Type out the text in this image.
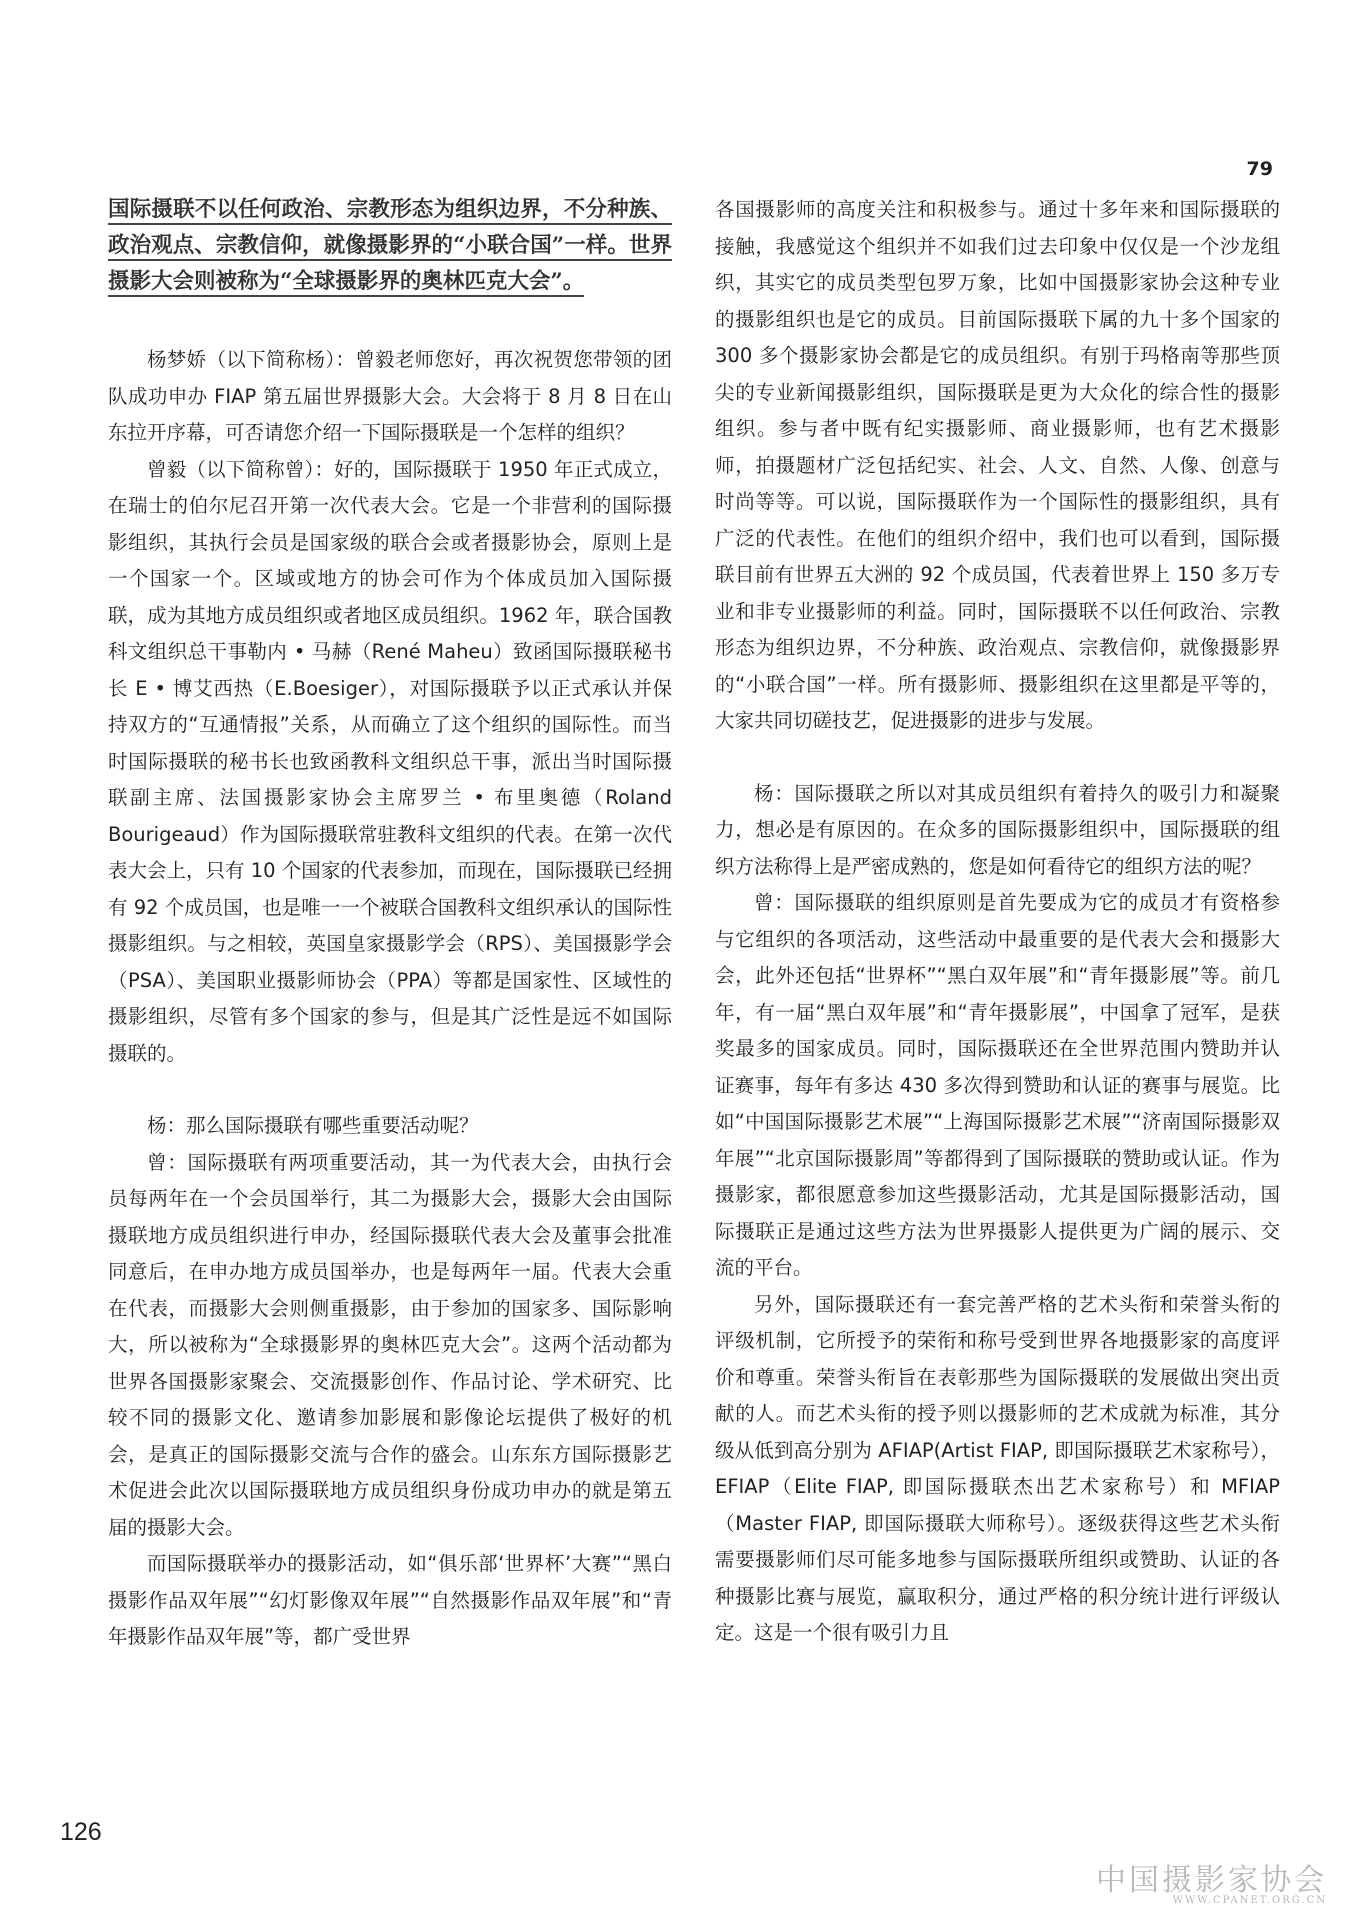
79

国际摄联不以任何政治、宗教形态为组织边界，不分种族、政治观点、宗教信仰，就像摄影界的“小联合国”一样。世界摄影大会则被称为“全球摄影界的奥林匹克大会”。

杨梦娇（以下简称杨）：曾毅老师您好，再次祝贺您带领的团队成功申办 FIAP 第五届世界摄影大会。大会将于 8 月 8 日在山东拉开序幕，可否请您介绍一下国际摄联是一个怎样的组织？

曾毅（以下简称曾）：好的，国际摄联于 1950 年正式成立，在瑞士的伯尔尼召开第一次代表大会。它是一个非营利的国际摄影组织，其执行会员是国家级的联合会或者摄影协会，原则上是一个国家一个。区域或地方的协会可作为个体成员加入国际摄联，成为其地方成员组织或者地区成员组织。1962 年，联合国教科文组织总干事勒内 • 马赫（René Maheu）致函国际摄联秘书长 E • 博艾西热（E.Boesiger），对国际摄联予以正式承认并保持双方的“互通情报”关系，从而确立了这个组织的国际性。而当时国际摄联的秘书长也致函教科文组织总干事，派出当时国际摄联副主席、法国摄影家协会主席罗兰 • 布里奥德（Roland Bourigeaud）作为国际摄联常驻教科文组织的代表。在第一次代表大会上，只有 10 个国家的代表参加，而现在，国际摄联已经拥有 92 个成员国，也是唯一一个被联合国教科文组织承认的国际性摄影组织。与之相较，英国皇家摄影学会（RPS）、美国摄影学会（PSA）、美国职业摄影师协会（PPA）等都是国家性、区域性的摄影组织，尽管有多个国家的参与，但是其广泛性是远不如国际摄联的。

杨：那么国际摄联有哪些重要活动呢？

曾：国际摄联有两项重要活动，其一为代表大会，由执行会员每两年在一个会员国举行，其二为摄影大会，摄影大会由国际摄联地方成员组织进行申办，经国际摄联代表大会及董事会批准同意后，在申办地方成员国举办，也是每两年一届。代表大会重在代表，而摄影大会则侧重摄影，由于参加的国家多、国际影响大，所以被称为“全球摄影界的奥林匹克大会”。这两个活动都为世界各国摄影家聚会、交流摄影创作、作品讨论、学术研究、比较不同的摄影文化、邀请参加影展和影像论坛提供了极好的机会，是真正的国际摄影交流与合作的盛会。山东东方国际摄影艺术促进会此次以国际摄联地方成员组织身份成功申办的就是第五届的摄影大会。

而国际摄联举办的摄影活动，如“俱乐部‘世界杯’大赛”“黑白摄影作品双年展”“幻灯影像双年展”“自然摄影作品双年展”和“青年摄影作品双年展”等，都广受世界

各国摄影师的高度关注和积极参与。通过十多年来和国际摄联的接触，我感觉这个组织并不如我们过去印象中仅仅是一个沙龙组织，其实它的成员类型包罗万象，比如中国摄影家协会这种专业的摄影组织也是它的成员。目前国际摄联下属的九十多个国家的 300 多个摄影家协会都是它的成员组织。有别于玛格南等那些顶尖的专业新闻摄影组织，国际摄联是更为大众化的综合性的摄影组织。参与者中既有纪实摄影师、商业摄影师，也有艺术摄影师，拍摄题材广泛包括纪实、社会、人文、自然、人像、创意与时尚等等。可以说，国际摄联作为一个国际性的摄影组织，具有广泛的代表性。在他们的组织介绍中，我们也可以看到，国际摄联目前有世界五大洲的 92 个成员国，代表着世界上 150 多万专业和非专业摄影师的利益。同时，国际摄联不以任何政治、宗教形态为组织边界，不分种族、政治观点、宗教信仰，就像摄影界的“小联合国”一样。所有摄影师、摄影组织在这里都是平等的，大家共同切磋技艺，促进摄影的进步与发展。

杨：国际摄联之所以对其成员组织有着持久的吸引力和凝聚力，想必是有原因的。在众多的国际摄影组织中，国际摄联的组织方法称得上是严密成熟的，您是如何看待它的组织方法的呢？

曾：国际摄联的组织原则是首先要成为它的成员才有资格参与它组织的各项活动，这些活动中最重要的是代表大会和摄影大会，此外还包括“世界杯”“黑白双年展”和“青年摄影展”等。前几年，有一届“黑白双年展”和“青年摄影展”，中国拿了冠军，是获奖最多的国家成员。同时，国际摄联还在全世界范围内赞助并认证赛事，每年有多达 430 多次得到赞助和认证的赛事与展览。比如“中国国际摄影艺术展”“上海国际摄影艺术展”“济南国际摄影双年展”“北京国际摄影周”等都得到了国际摄联的赞助或认证。作为摄影家，都很愿意参加这些摄影活动，尤其是国际摄影活动，国际摄联正是通过这些方法为世界摄影人提供更为广阔的展示、交流的平台。

另外，国际摄联还有一套完善严格的艺术头衔和荣誉头衔的评级机制，它所授予的荣衔和称号受到世界各地摄影家的高度评价和尊重。荣誉头衔旨在表彰那些为国际摄联的发展做出突出贡献的人。而艺术头衔的授予则以摄影师的艺术成就为标准，其分级从低到高分别为 AFIAP(Artist FIAP, 即国际摄联艺术家称号），EFIAP（Elite FIAP, 即国际摄联杰出艺术家称号）和 MFIAP（Master FIAP, 即国际摄联大师称号）。逐级获得这些艺术头衔需要摄影师们尽可能多地参与国际摄联所组织或赞助、认证的各种摄影比赛与展览，赢取积分，通过严格的积分统计进行评级认定。这是一个很有吸引力且

126
中国摄影家协会
WWW.CPANET.ORG.CN
